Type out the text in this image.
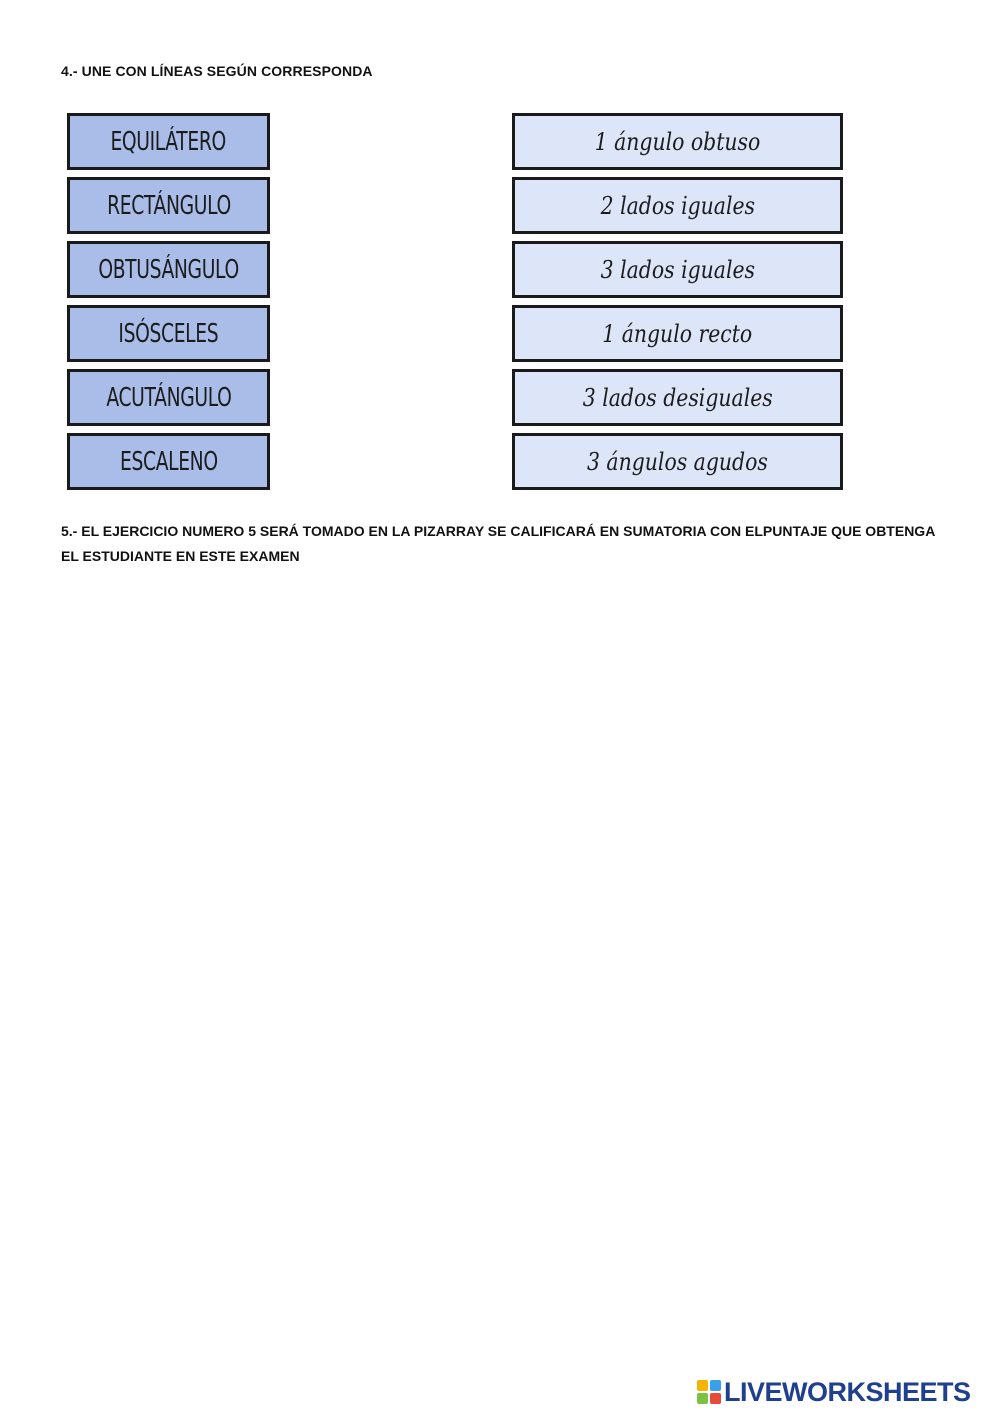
4.- UNE CON LÍNEAS SEGÚN CORRESPONDA
EQUILÁTERO
RECTÁNGULO
OBTUSÁNGULO
ISÓSCELES
ACUTÁNGULO
ESCALENO
1 ángulo obtuso
2 lados iguales
3 lados iguales
1 ángulo recto
3 lados desiguales
3 ángulos agudos
5.- EL EJERCICIO NUMERO 5 SERÁ TOMADO EN LA PIZARRAY SE CALIFICARÁ EN SUMATORIA CON ELPUNTAJE QUE OBTENGA EL ESTUDIANTE EN ESTE EXAMEN
LIVEWORKSHEETS
